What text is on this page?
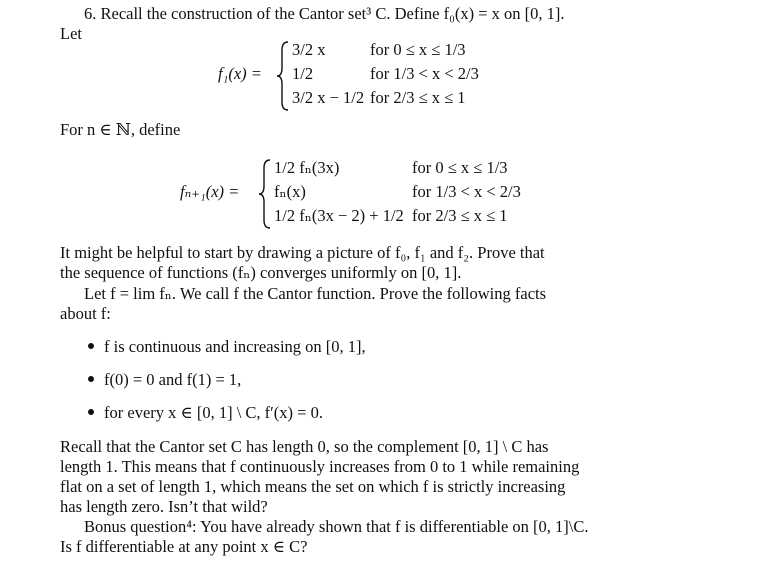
6. Recall the construction of the Cantor set³ C. Define f₀(x) = x on [0, 1].
Let
f₁(x) =
3/2 x	for 0 ≤ x ≤ 1/3
1/2	for 1/3 < x < 2/3
3/2 x − 1/2 for 2/3 ≤ x ≤ 1
For n ∈ ℕ, define
fₙ₊₁(x) =
1/2 fₙ(3x)	for 0 ≤ x ≤ 1/3
fₙ(x)	for 1/3 < x < 2/3
1/2 fₙ(3x − 2) + 1/2 for 2/3 ≤ x ≤ 1
It might be helpful to start by drawing a picture of f₀, f₁ and f₂. Prove that
the sequence of functions (fₙ) converges uniformly on [0, 1].
Let f = lim fₙ. We call f the Cantor function. Prove the following facts
about f:
f is continuous and increasing on [0, 1],
f(0) = 0 and f(1) = 1,
for every x ∈ [0, 1] \ C, f′(x) = 0.
Recall that the Cantor set C has length 0, so the complement [0, 1] \ C has
length 1. This means that f continuously increases from 0 to 1 while remaining
flat on a set of length 1, which means the set on which f is strictly increasing
has length zero. Isn’t that wild?
Bonus question⁴: You have already shown that f is differentiable on [0, 1]\C.
Is f differentiable at any point x ∈ C?
